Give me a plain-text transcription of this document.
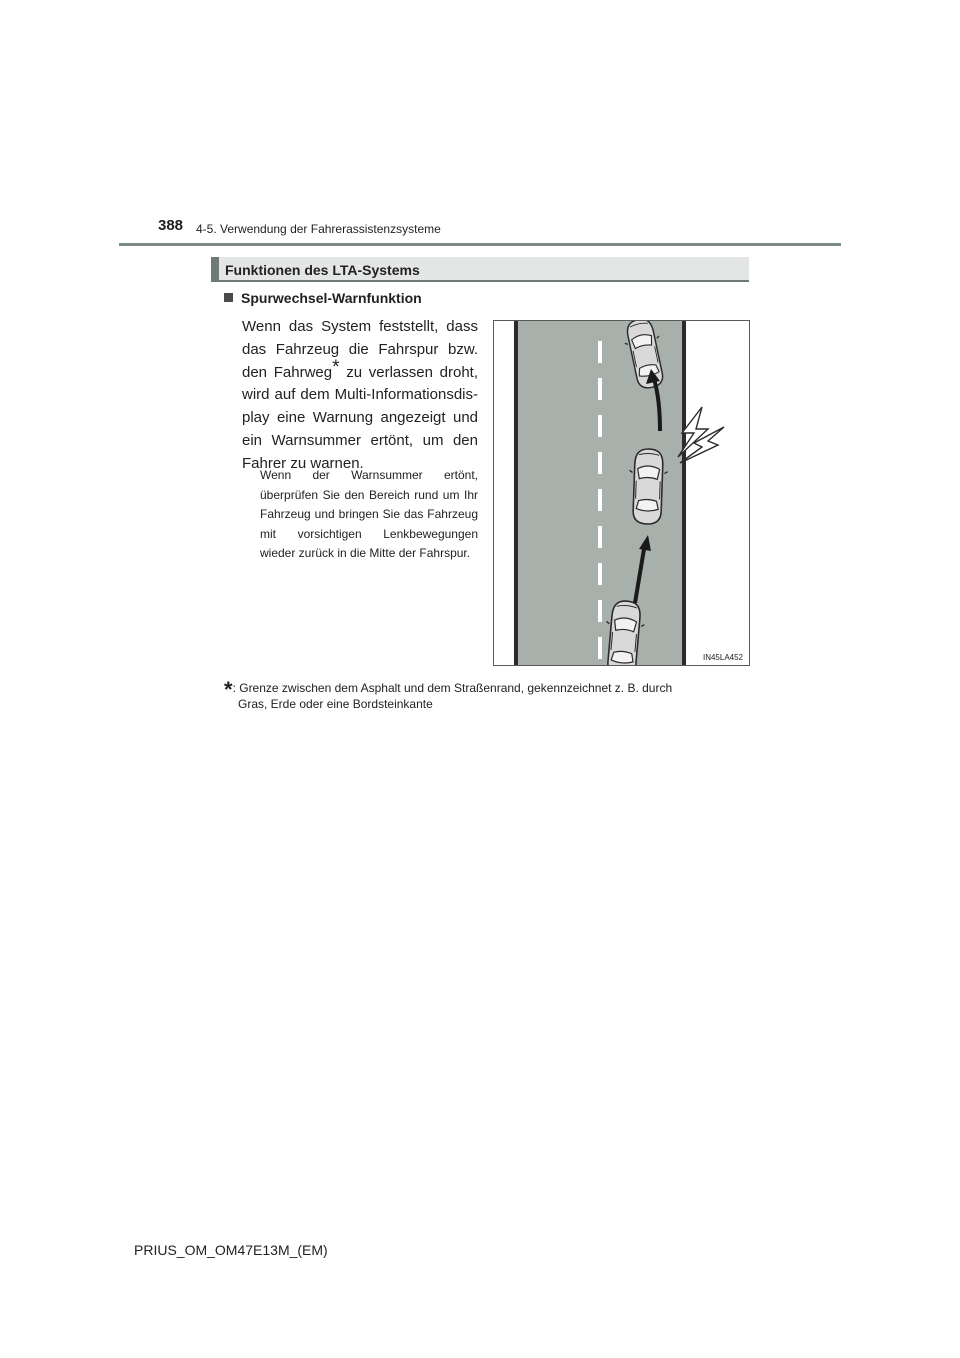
388 4-5. Verwendung der Fahrerassistenzsysteme
Funktionen des LTA-Systems
Spurwechsel-Warnfunktion
Wenn das System feststellt, dass das Fahrzeug die Fahrspur bzw. den Fahrweg* zu verlassen droht, wird auf dem Multi-Informationsdisplay eine Warnung angezeigt und ein Warnsummer ertönt, um den Fahrer zu warnen.
Wenn der Warnsummer ertönt, überprüfen Sie den Bereich rund um Ihr Fahrzeug und bringen Sie das Fahrzeug mit vorsichtigen Lenkbewegungen wieder zurück in die Mitte der Fahrspur.
IN45LA452
*: Grenze zwischen dem Asphalt und dem Straßenrand, gekennzeichnet z. B. durch
Gras, Erde oder eine Bordsteinkante
PRIUS_OM_OM47E13M_(EM)
